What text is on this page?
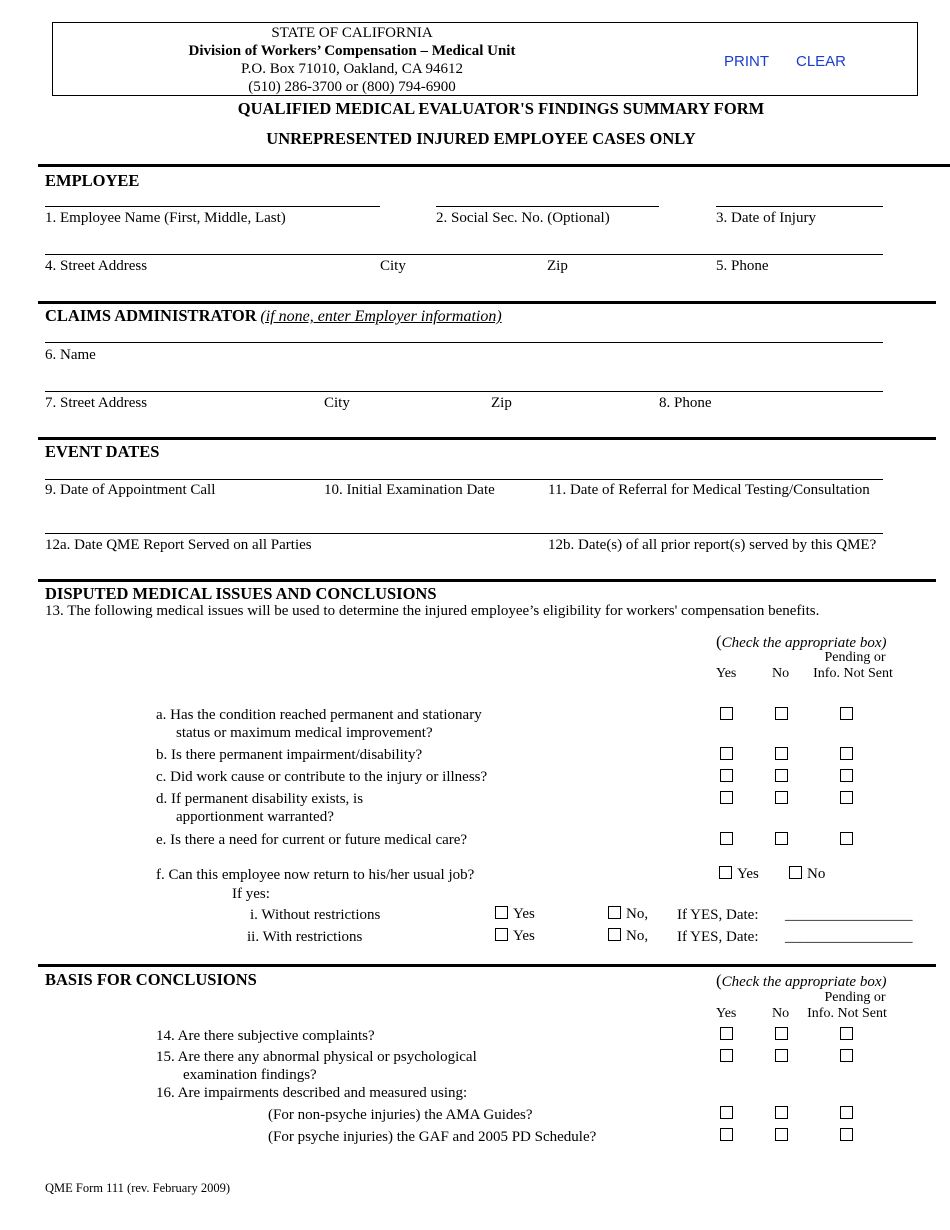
STATE OF CALIFORNIA
Division of Workers’ Compensation – Medical Unit
P.O. Box 71010, Oakland, CA 94612
(510) 286-3700 or (800) 794-6900
PRINT CLEAR
QUALIFIED MEDICAL EVALUATOR'S FINDINGS SUMMARY FORM
UNREPRESENTED INJURED EMPLOYEE CASES ONLY
EMPLOYEE
1. Employee Name (First, Middle, Last)	2. Social Sec. No. (Optional)	3. Date of Injury
4. Street Address	City	Zip	5. Phone
CLAIMS ADMINISTRATOR (if none, enter Employer information)
6. Name
7. Street Address	City	Zip	8. Phone
EVENT DATES
9. Date of Appointment Call	10. Initial Examination Date	11. Date of Referral for Medical Testing/Consultation
12a. Date QME Report Served on all Parties	12b. Date(s) of all prior report(s) served by this QME?
DISPUTED MEDICAL ISSUES AND CONCLUSIONS
13. The following medical issues will be used to determine the injured employee’s eligibility for workers' compensation benefits.
(Check the appropriate box)
Pending or
Yes	No	Info. Not Sent
a. Has the condition reached permanent and stationary
status or maximum medical improvement?
b. Is there permanent impairment/disability?
c. Did work cause or contribute to the injury or illness?
d. If permanent disability exists, is
apportionment warranted?
e. Is there a need for current or future medical care?
f. Can this employee now return to his/her usual job?	Yes	No
If yes:
i. Without restrictions	Yes	No, If YES, Date: _________________
ii. With restrictions	Yes	No, If YES, Date: _________________
BASIS FOR CONCLUSIONS	(Check the appropriate box)
Pending or
Yes	No	Info. Not Sent
14. Are there subjective complaints?
15. Are there any abnormal physical or psychological
examination findings?
16. Are impairments described and measured using:
(For non-psyche injuries) the AMA Guides?
(For psyche injuries) the GAF and 2005 PD Schedule?
QME Form 111 (rev. February 2009)
